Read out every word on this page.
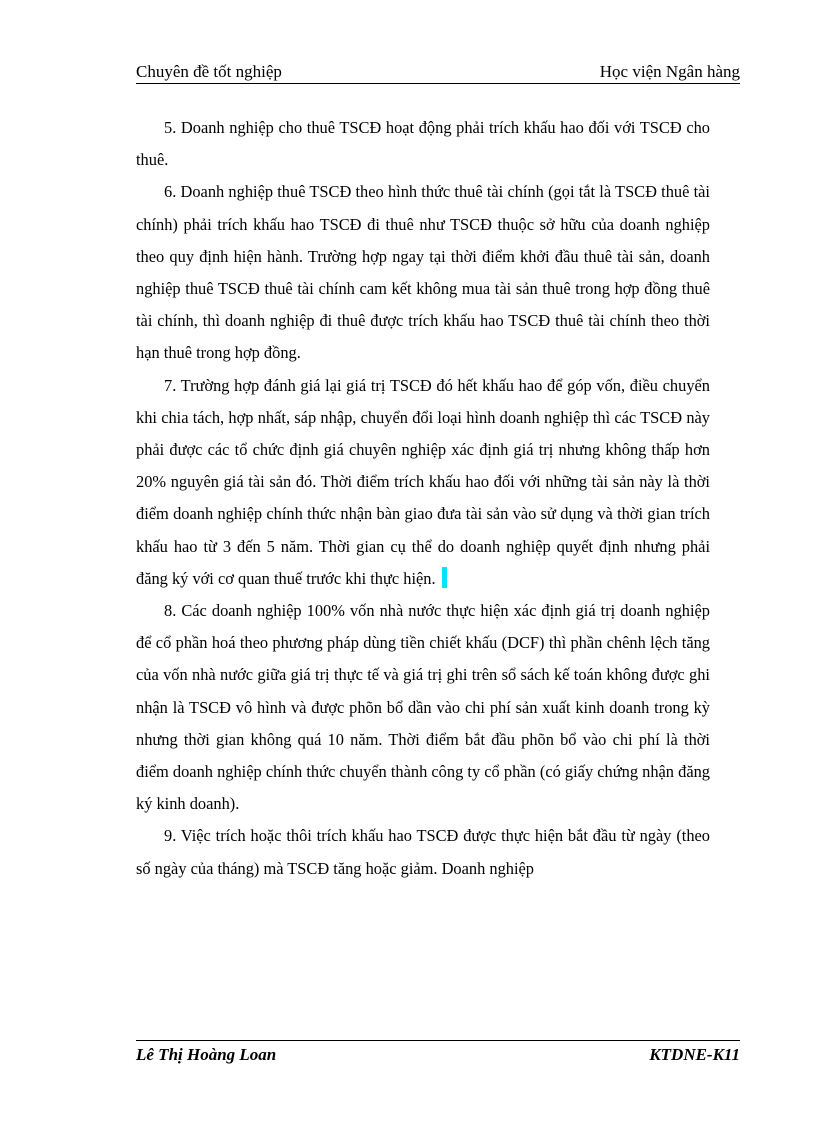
Chuyên đề tốt nghiệp	Học viện Ngân hàng

5. Doanh nghiệp cho thuê TSCĐ hoạt động phải trích khấu hao đối với TSCĐ cho thuê.

6. Doanh nghiệp thuê TSCĐ theo hình thức thuê tài chính (gọi tắt là TSCĐ thuê tài chính) phải trích khấu hao TSCĐ đi thuê như TSCĐ thuộc sở hữu của doanh nghiệp theo quy định hiện hành. Trường hợp ngay tại thời điểm khởi đầu thuê tài sản, doanh nghiệp thuê TSCĐ thuê tài chính cam kết không mua tài sản thuê trong hợp đồng thuê tài chính, thì doanh nghiệp đi thuê được trích khấu hao TSCĐ thuê tài chính theo thời hạn thuê trong hợp đồng.

7. Trường hợp đánh giá lại giá trị TSCĐ đó hết khấu hao để góp vốn, điều chuyển khi chia tách, hợp nhất, sáp nhập, chuyển đổi loại hình doanh nghiệp thì các TSCĐ này phải được các tổ chức định giá chuyên nghiệp xác định giá trị nhưng không thấp hơn 20% nguyên giá tài sản đó. Thời điểm trích khấu hao đối với những tài sản này là thời điểm doanh nghiệp chính thức nhận bàn giao đưa tài sản vào sử dụng và thời gian trích khấu hao từ 3 đến 5 năm. Thời gian cụ thể do doanh nghiệp quyết định nhưng phải đăng ký với cơ quan thuế trước khi thực hiện.

8. Các doanh nghiệp 100% vốn nhà nước thực hiện xác định giá trị doanh nghiệp để cổ phần hoá theo phương pháp dùng tiền chiết khấu (DCF) thì phần chênh lệch tăng của vốn nhà nước giữa giá trị thực tế và giá trị ghi trên sổ sách kế toán không được ghi nhận là TSCĐ vô hình và được phõn bổ dần vào chi phí sản xuất kinh doanh trong kỳ nhưng thời gian không quá 10 năm. Thời điểm bắt đầu phõn bổ vào chi phí là thời điểm doanh nghiệp chính thức chuyển thành công ty cổ phần (có giấy chứng nhận đăng ký kinh doanh).

9. Việc trích hoặc thôi trích khấu hao TSCĐ được thực hiện bắt đầu từ ngày (theo số ngày của tháng) mà TSCĐ tăng hoặc giảm. Doanh nghiệp

Lê Thị Hoàng Loan	KTDNE-K11
